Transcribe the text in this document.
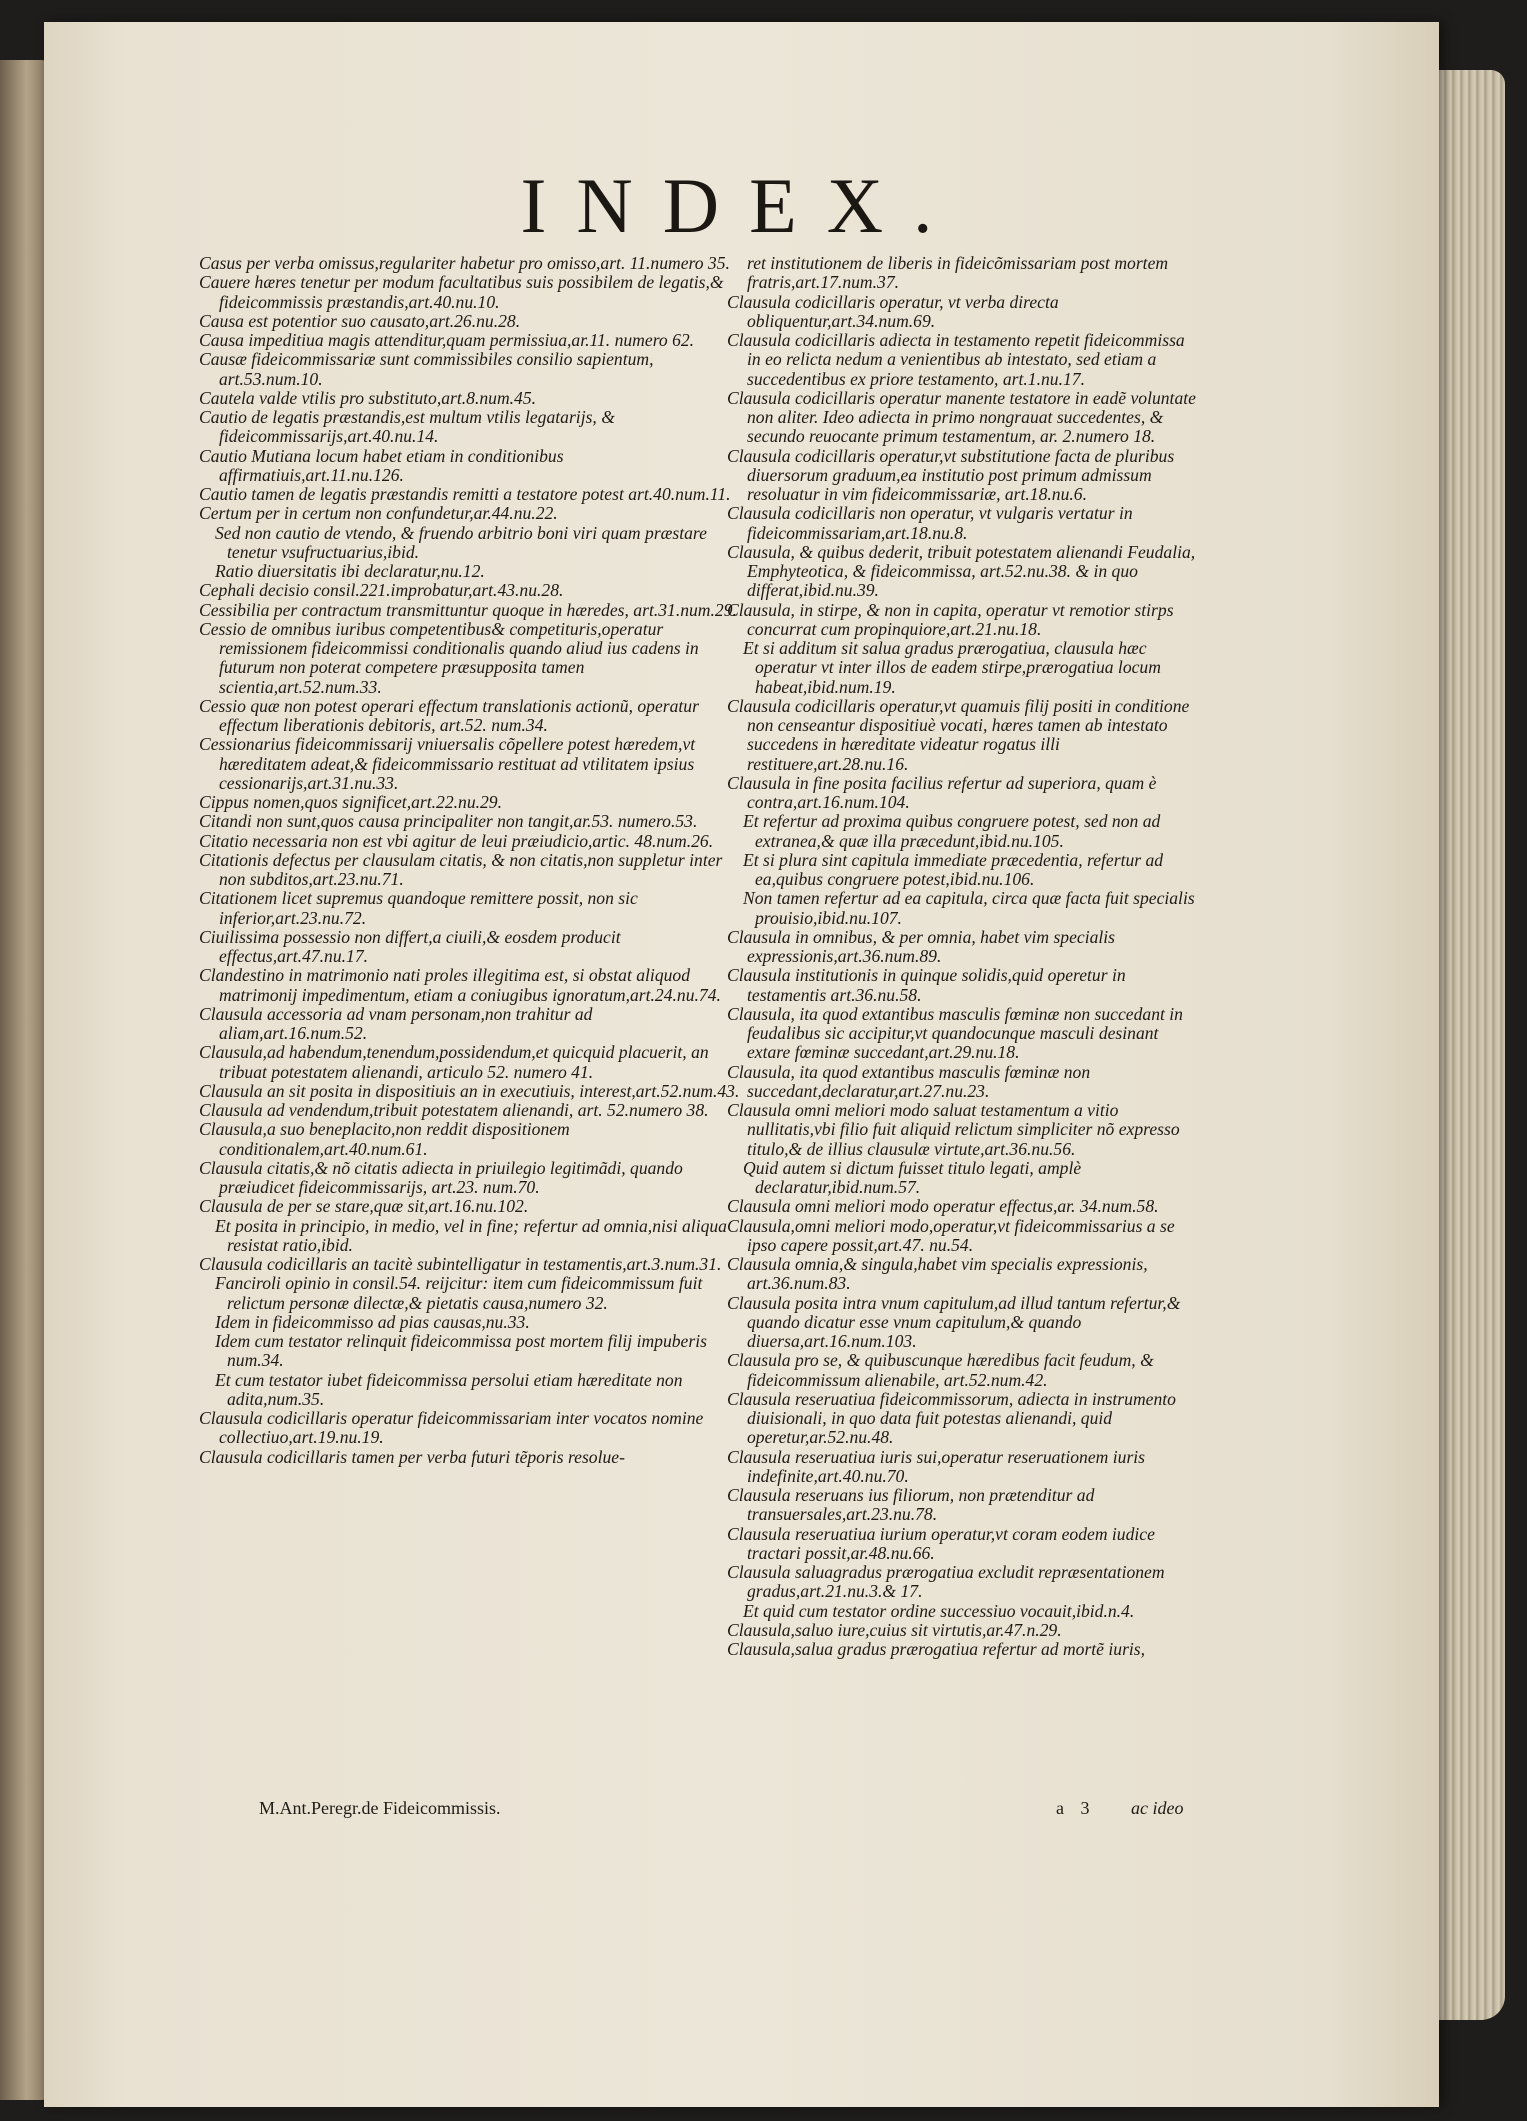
INDEX.

Casus per verba omissus,regulariter habetur pro omisso,art. 11.numero 35.

Cauere hæres tenetur per modum facultatibus suis possibilem de legatis,& fideicommissis præstandis,art.40.nu.10.

Causa est potentior suo causato,art.26.nu.28.

Causa impeditiua magis attenditur,quam permissiua,ar.11. numero 62.

Causæ fideicommissariæ sunt commissibiles consilio sapientum, art.53.num.10.

Cautela valde vtilis pro substituto,art.8.num.45.

Cautio de legatis præstandis,est multum vtilis legatarijs, & fideicommissarijs,art.40.nu.14.

Cautio Mutiana locum habet etiam in conditionibus affirmatiuis,art.11.nu.126.

Cautio tamen de legatis præstandis remitti a testatore potest art.40.num.11.

Certum per in certum non confundetur,ar.44.nu.22.

Sed non cautio de vtendo, & fruendo arbitrio boni viri quam præstare tenetur vsufructuarius,ibid.

Ratio diuersitatis ibi declaratur,nu.12.

Cephali decisio consil.221.improbatur,art.43.nu.28.

Cessibilia per contractum transmittuntur quoque in hæredes, art.31.num.29.

Cessio de omnibus iuribus competentibus& competituris,operatur remissionem fideicommissi conditionalis quando aliud ius cadens in futurum non poterat competere præsupposita tamen scientia,art.52.num.33.

Cessio quæ non potest operari effectum translationis actionũ, operatur effectum liberationis debitoris, art.52. num.34.

Cessionarius fideicommissarij vniuersalis cõpellere potest hæredem,vt hæreditatem adeat,& fideicommissario restituat ad vtilitatem ipsius cessionarijs,art.31.nu.33.

Cippus nomen,quos significet,art.22.nu.29.

Citandi non sunt,quos causa principaliter non tangit,ar.53. numero.53.

Citatio necessaria non est vbi agitur de leui præiudicio,artic. 48.num.26.

Citationis defectus per clausulam citatis, & non citatis,non suppletur inter non subditos,art.23.nu.71.

Citationem licet supremus quandoque remittere possit, non sic inferior,art.23.nu.72.

Ciuilissima possessio non differt,a ciuili,& eosdem producit effectus,art.47.nu.17.

Clandestino in matrimonio nati proles illegitima est, si obstat aliquod matrimonij impedimentum, etiam a coniugibus ignoratum,art.24.nu.74.

Clausula accessoria ad vnam personam,non trahitur ad aliam,art.16.num.52.

Clausula,ad habendum,tenendum,possidendum,et quicquid placuerit, an tribuat potestatem alienandi, articulo 52. numero 41.

Clausula an sit posita in dispositiuis an in executiuis, interest,art.52.num.43.

Clausula ad vendendum,tribuit potestatem alienandi, art. 52.numero 38.

Clausula,a suo beneplacito,non reddit dispositionem conditionalem,art.40.num.61.

Clausula citatis,& nõ citatis adiecta in priuilegio legitimãdi, quando præiudicet fideicommissarijs, art.23. num.70.

Clausula de per se stare,quæ sit,art.16.nu.102.

Et posita in principio, in medio, vel in fine; refertur ad omnia,nisi aliqua resistat ratio,ibid.

Clausula codicillaris an tacitè subintelligatur in testamentis,art.3.num.31.

Fanciroli opinio in consil.54. reijcitur: item cum fideicommissum fuit relictum personæ dilectæ,& pietatis causa,numero 32.

Idem in fideicommisso ad pias causas,nu.33.

Idem cum testator relinquit fideicommissa post mortem filij impuberis num.34.

Et cum testator iubet fideicommissa persolui etiam hæreditate non adita,num.35.

Clausula codicillaris operatur fideicommissariam inter vocatos nomine collectiuo,art.19.nu.19.

Clausula codicillaris tamen per verba futuri tẽporis resolue-

ret institutionem de liberis in fideicõmissariam post mortem fratris,art.17.num.37.

Clausula codicillaris operatur, vt verba directa obliquentur,art.34.num.69.

Clausula codicillaris adiecta in testamento repetit fideicommissa in eo relicta nedum a venientibus ab intestato, sed etiam a succedentibus ex priore testamento, art.1.nu.17.

Clausula codicillaris operatur manente testatore in eadẽ voluntate non aliter. Ideo adiecta in primo nongrauat succedentes, & secundo reuocante primum testamentum, ar. 2.numero 18.

Clausula codicillaris operatur,vt substitutione facta de pluribus diuersorum graduum,ea institutio post primum admissum resoluatur in vim fideicommissariæ, art.18.nu.6.

Clausula codicillaris non operatur, vt vulgaris vertatur in fideicommissariam,art.18.nu.8.

Clausula, & quibus dederit, tribuit potestatem alienandi Feudalia, Emphyteotica, & fideicommissa, art.52.nu.38. & in quo differat,ibid.nu.39.

Clausula, in stirpe, & non in capita, operatur vt remotior stirps concurrat cum propinquiore,art.21.nu.18.

Et si additum sit salua gradus prærogatiua, clausula hæc operatur vt inter illos de eadem stirpe,prærogatiua locum habeat,ibid.num.19.

Clausula codicillaris operatur,vt quamuis filij positi in conditione non censeantur dispositiuè vocati, hæres tamen ab intestato succedens in hæreditate videatur rogatus illi restituere,art.28.nu.16.

Clausula in fine posita facilius refertur ad superiora, quam è contra,art.16.num.104.

Et refertur ad proxima quibus congruere potest, sed non ad extranea,& quæ illa præcedunt,ibid.nu.105.

Et si plura sint capitula immediate præcedentia, refertur ad ea,quibus congruere potest,ibid.nu.106.

Non tamen refertur ad ea capitula, circa quæ facta fuit specialis prouisio,ibid.nu.107.

Clausula in omnibus, & per omnia, habet vim specialis expressionis,art.36.num.89.

Clausula institutionis in quinque solidis,quid operetur in testamentis art.36.nu.58.

Clausula, ita quod extantibus masculis fœminæ non succedant in feudalibus sic accipitur,vt quandocunque masculi desinant extare fœminæ succedant,art.29.nu.18.

Clausula, ita quod extantibus masculis fœminæ non succedant,declaratur,art.27.nu.23.

Clausula omni meliori modo saluat testamentum a vitio nullitatis,vbi filio fuit aliquid relictum simpliciter nõ expresso titulo,& de illius clausulæ virtute,art.36.nu.56.

Quid autem si dictum fuisset titulo legati, amplè declaratur,ibid.num.57.

Clausula omni meliori modo operatur effectus,ar. 34.num.58.

Clausula,omni meliori modo,operatur,vt fideicommissarius a se ipso capere possit,art.47. nu.54.

Clausula omnia,& singula,habet vim specialis expressionis, art.36.num.83.

Clausula posita intra vnum capitulum,ad illud tantum refertur,& quando dicatur esse vnum capitulum,& quando diuersa,art.16.num.103.

Clausula pro se, & quibuscunque hæredibus facit feudum, & fideicommissum alienabile, art.52.num.42.

Clausula reseruatiua fideicommissorum, adiecta in instrumento diuisionali, in quo data fuit potestas alienandi, quid operetur,ar.52.nu.48.

Clausula reseruatiua iuris sui,operatur reseruationem iuris indefinite,art.40.nu.70.

Clausula reseruans ius filiorum, non prætenditur ad transuersales,art.23.nu.78.

Clausula reseruatiua iurium operatur,vt coram eodem iudice tractari possit,ar.48.nu.66.

Clausula saluagradus prærogatiua excludit repræsentationem gradus,art.21.nu.3.& 17.

Et quid cum testator ordine successiuo vocauit,ibid.n.4.

Clausula,saluo iure,cuius sit virtutis,ar.47.n.29.

Clausula,salua gradus prærogatiua refertur ad mortẽ iuris,

M.Ant.Peregr.de Fideicommissis.	a 3 ac ideo
